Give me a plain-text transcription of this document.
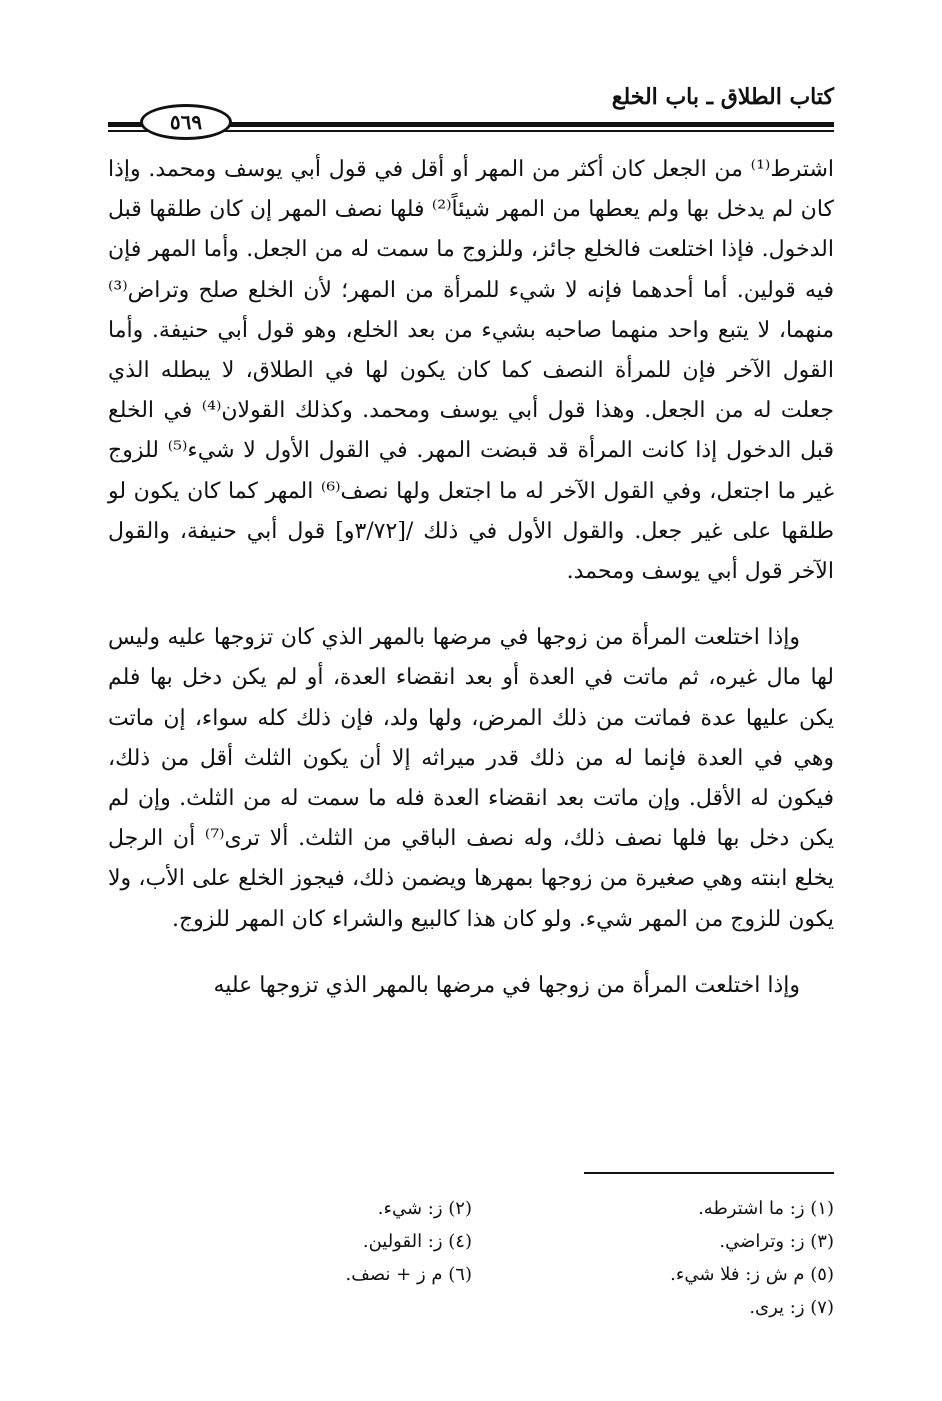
كتاب الطلاق ـ باب الخلع
٥٦٩

اشترط⁽¹⁾ من الجعل كان أكثر من المهر أو أقل في قول أبي يوسف ومحمد. وإذا كان لم يدخل بها ولم يعطها من المهر شيئاً⁽²⁾ فلها نصف المهر إن كان طلقها قبل الدخول. فإذا اختلعت فالخلع جائز، وللزوج ما سمت له من الجعل. وأما المهر فإن فيه قولين. أما أحدهما فإنه لا شيء للمرأة من المهر؛ لأن الخلع صلح وتراض⁽³⁾ منهما، لا يتبع واحد منهما صاحبه بشيء من بعد الخلع، وهو قول أبي حنيفة. وأما القول الآخر فإن للمرأة النصف كما كان يكون لها في الطلاق، لا يبطله الذي جعلت له من الجعل. وهذا قول أبي يوسف ومحمد. وكذلك القولان⁽⁴⁾ في الخلع قبل الدخول إذا كانت المرأة قد قبضت المهر. في القول الأول لا شيء⁽⁵⁾ للزوج غير ما اجتعل، وفي القول الآخر له ما اجتعل ولها نصف⁽⁶⁾ المهر كما كان يكون لو طلقها على غير جعل. والقول الأول في ذلك /[٣/٧٢و] قول أبي حنيفة، والقول الآخر قول أبي يوسف ومحمد.

وإذا اختلعت المرأة من زوجها في مرضها بالمهر الذي كان تزوجها عليه وليس لها مال غيره، ثم ماتت في العدة أو بعد انقضاء العدة، أو لم يكن دخل بها فلم يكن عليها عدة فماتت من ذلك المرض، ولها ولد، فإن ذلك كله سواء، إن ماتت وهي في العدة فإنما له من ذلك قدر ميراثه إلا أن يكون الثلث أقل من ذلك، فيكون له الأقل. وإن ماتت بعد انقضاء العدة فله ما سمت له من الثلث. وإن لم يكن دخل بها فلها نصف ذلك، وله نصف الباقي من الثلث. ألا ترى⁽⁷⁾ أن الرجل يخلع ابنته وهي صغيرة من زوجها بمهرها ويضمن ذلك، فيجوز الخلع على الأب، ولا يكون للزوج من المهر شيء. ولو كان هذا كالبيع والشراء كان المهر للزوج.

وإذا اختلعت المرأة من زوجها في مرضها بالمهر الذي تزوجها عليه

(١) ز: ما اشترطه.
(٣) ز: وتراضي.
(٥) م ش ز: فلا شيء.
(٧) ز: يرى.
(٢) ز: شيء.
(٤) ز: القولين.
(٦) م ز + نصف.
